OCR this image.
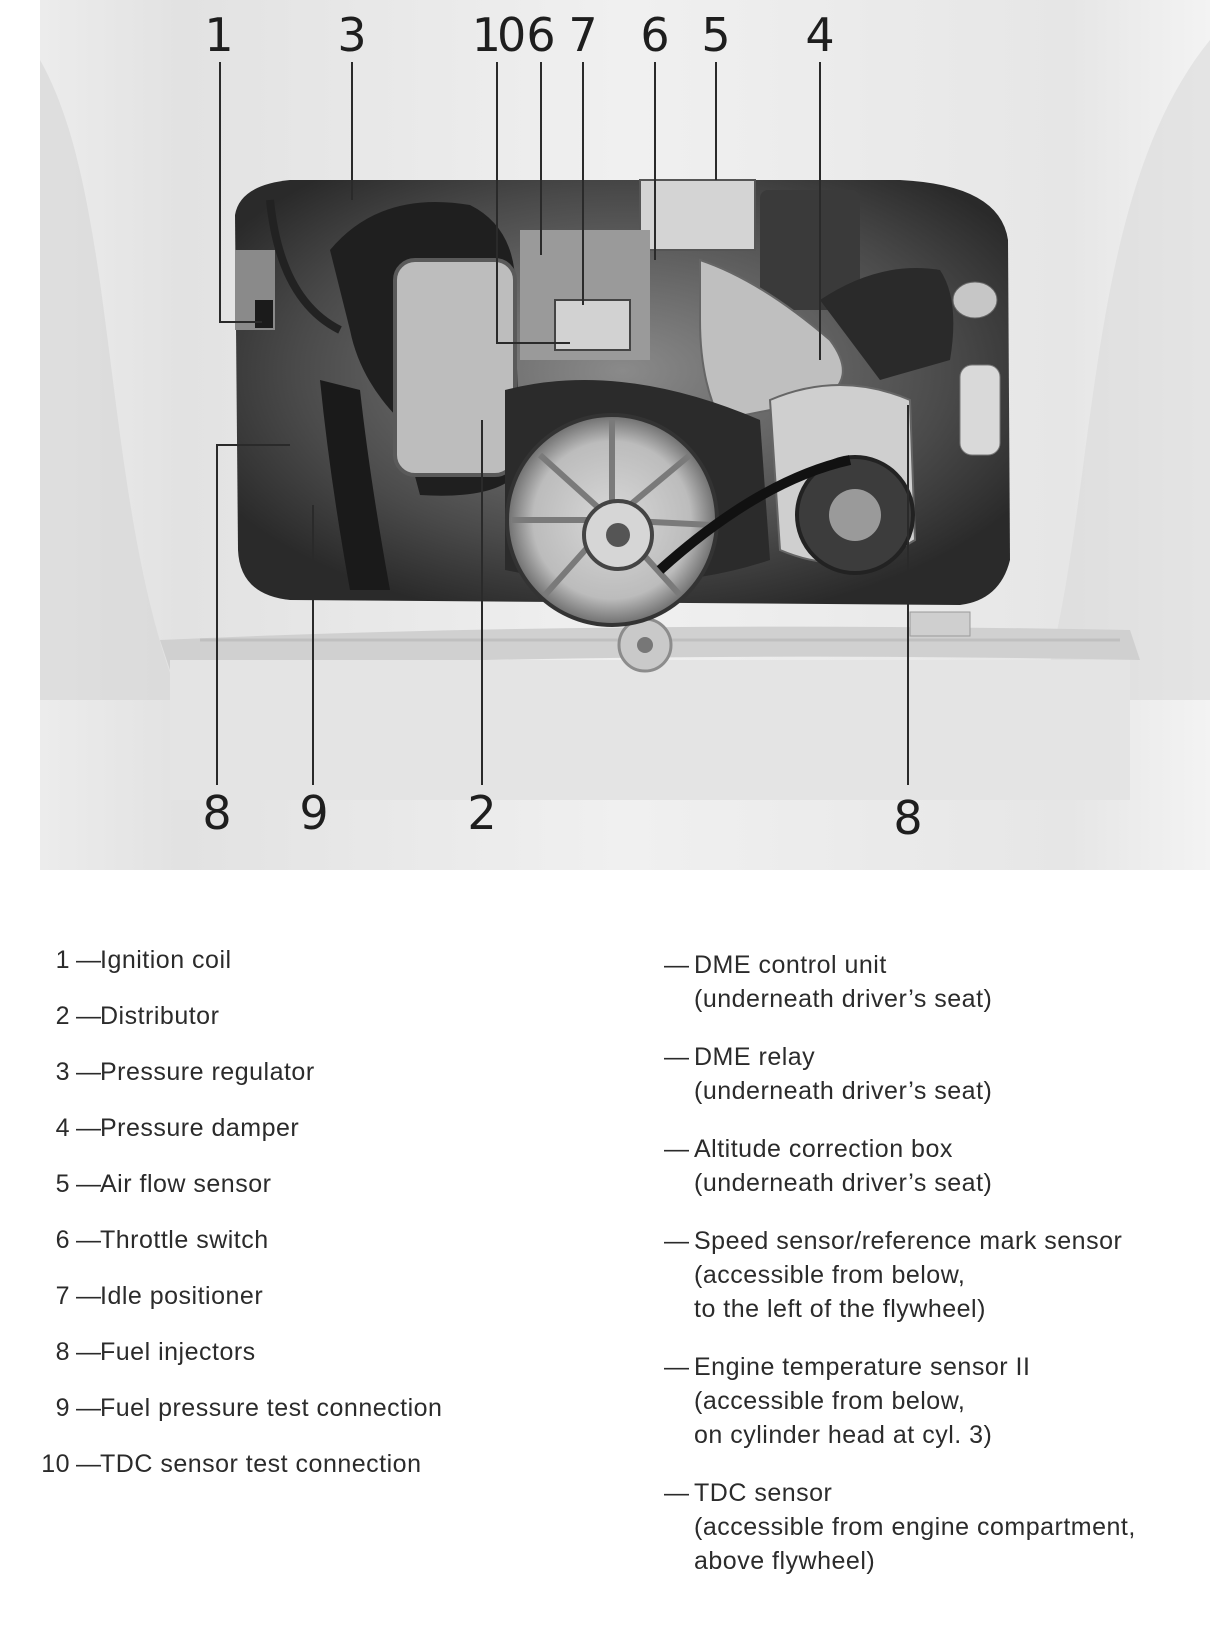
1 3 10 6 7 6 5 4
8 9	2	8
1 —
Ignition coil
2 —
Distributor
3 —
Pressure regulator
4 —
Pressure damper
5 —
Air flow sensor
6 —
Throttle switch
7 —
Idle positioner
8 —
Fuel injectors
9 —
Fuel pressure test connection
10 —
TDC sensor test connection
— DME control unit
(underneath driver’s seat)
— DME relay
(underneath driver’s seat)
— Altitude correction box
(underneath driver’s seat)
— Speed sensor/reference mark sensor
(accessible from below,
to the left of the flywheel)
— Engine temperature sensor II
(accessible from below,
on cylinder head at cyl. 3)
— TDC sensor
(accessible from engine compartment,
above flywheel)
